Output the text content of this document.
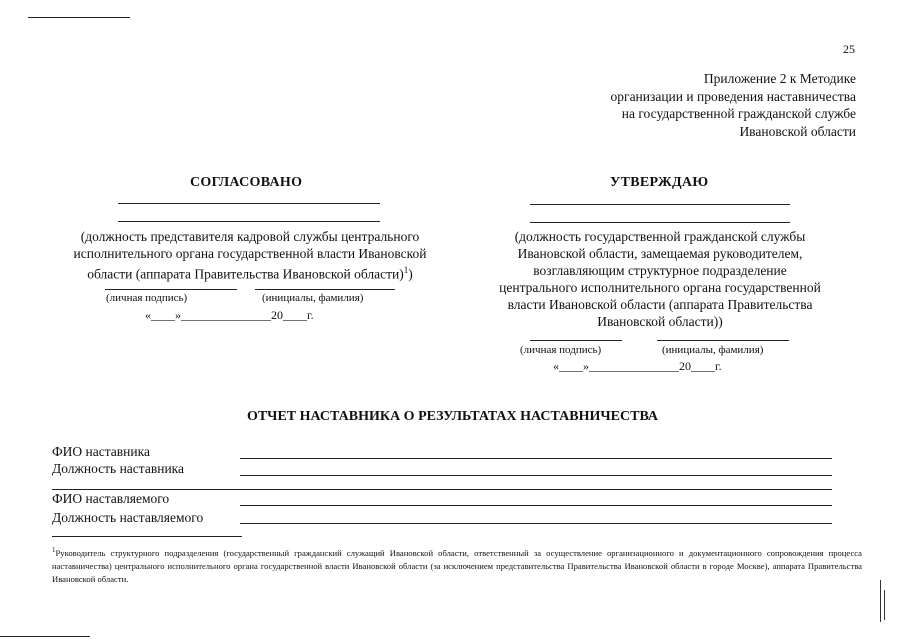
25
Приложение 2 к Методике
организации и проведения наставничества
на государственной гражданской службе
Ивановской области
СОГЛАСОВАНО
(должность представителя кадровой службы центрального
исполнительного органа государственной власти Ивановской
области (аппарата Правительства Ивановской области)$^1$)
(личная подпись)	(инициалы, фамилия)
«____»_______________20____г.
УТВЕРЖДАЮ
(должность государственной гражданской службы
Ивановской области, замещаемая руководителем,
возглавляющим структурное подразделение
центрального исполнительного органа государственной
власти Ивановской области (аппарата Правительства
Ивановской области))
(личная подпись)	(инициалы, фамилия)
«____»_______________20____г.
ОТЧЕТ НАСТАВНИКА О РЕЗУЛЬТАТАХ НАСТАВНИЧЕСТВА
ФИО наставника
Должность наставника
ФИО наставляемого
Должность наставляемого
$^1$Руководитель структурного подразделения (государственный гражданский служащий Ивановской области, ответственный за осуществление организационного и документационного сопровождения процесса наставничества) центрального исполнительного органа государственной власти Ивановской области (за исключением представительства Правительства Ивановской области в городе Москве), аппарата Правительства Ивановской области.
